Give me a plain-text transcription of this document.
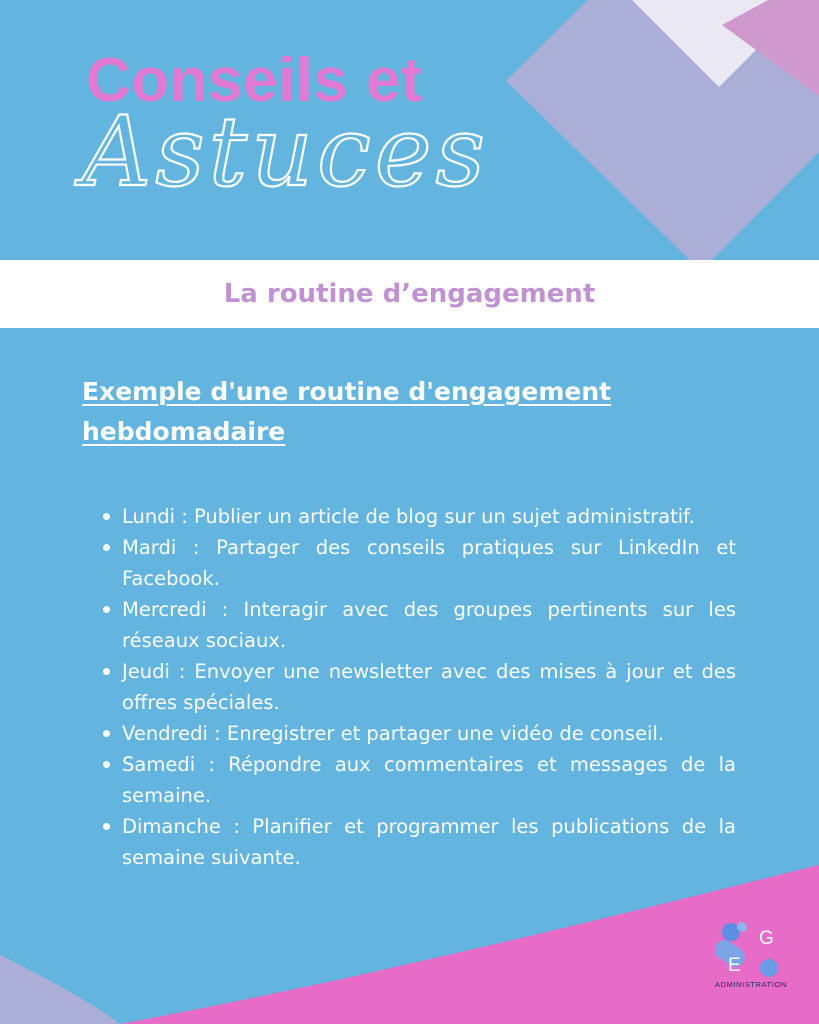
Conseils et
Astuces
La routine d’engagement
Exemple d'une routine d'engagement hebdomadaire
Lundi : Publier un article de blog sur un sujet administratif.
Mardi : Partager des conseils pratiques sur LinkedIn et Facebook.
Mercredi : Interagir avec des groupes pertinents sur les réseaux sociaux.
Jeudi : Envoyer une newsletter avec des mises à jour et des offres spéciales.
Vendredi : Enregistrer et partager une vidéo de conseil.
Samedi : Répondre aux commentaires et messages de la semaine.
Dimanche : Planifier et programmer les publications de la semaine suivante.
G
E
ADMINISTRATION
